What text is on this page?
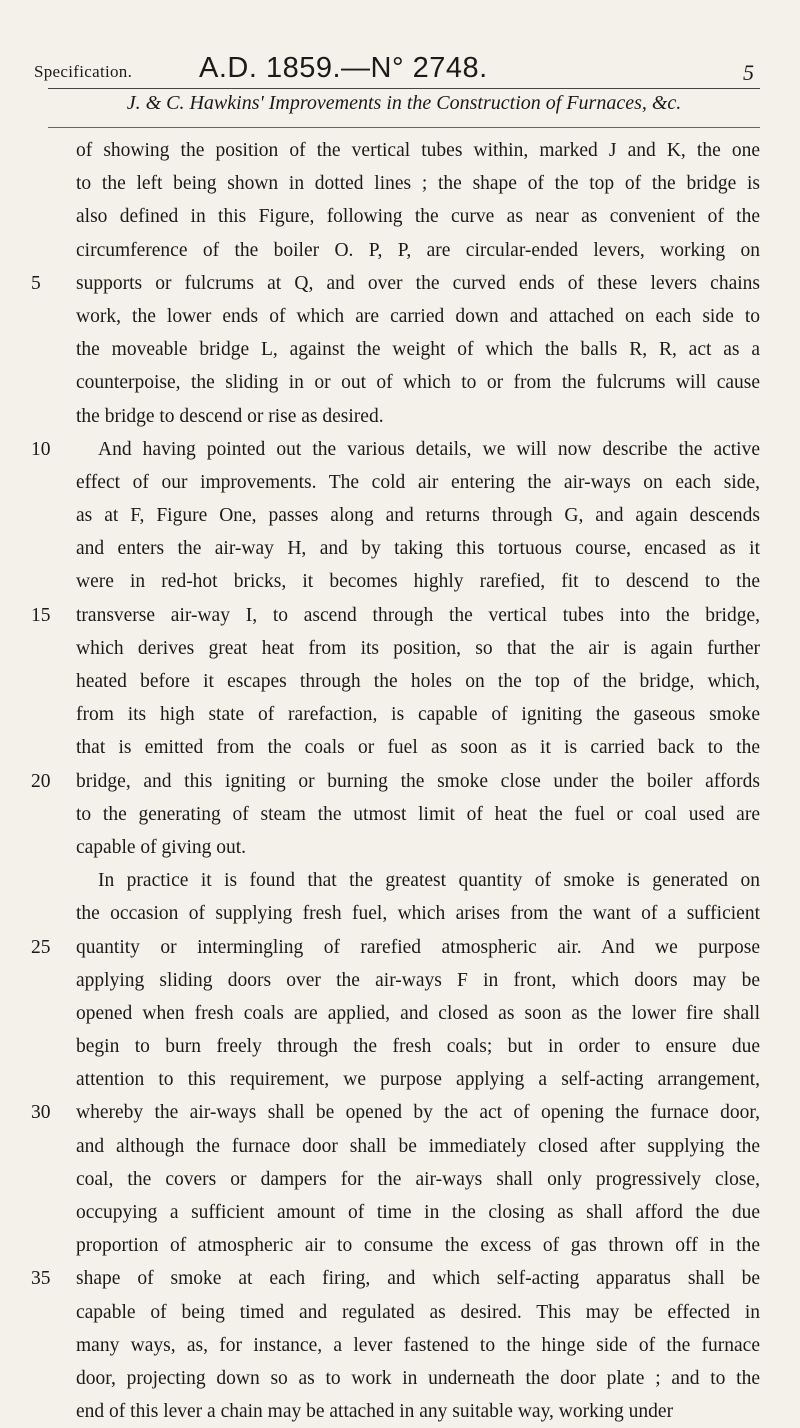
Specification. A.D. 1859.—N° 2748.	5
J. & C. Hawkins' Improvements in the Construction of Furnaces, &c.
of showing the position of the vertical tubes within, marked J and K, the one
to the left being shown in dotted lines ; the shape of the top of the bridge is
also defined in this Figure, following the curve as near as convenient of the
circumference of the boiler O. P, P, are circular-ended levers, working on
5	supports or fulcrums at Q, and over the curved ends of these levers chains
work, the lower ends of which are carried down and attached on each side to
the moveable bridge L, against the weight of which the balls R, R, act as a
counterpoise, the sliding in or out of which to or from the fulcrums will cause
the bridge to descend or rise as desired.
10	And having pointed out the various details, we will now describe the active
effect of our improvements. The cold air entering the air-ways on each side,
as at F, Figure One, passes along and returns through G, and again descends
and enters the air-way H, and by taking this tortuous course, encased as it
were in red-hot bricks, it becomes highly rarefied, fit to descend to the
15	transverse air-way I, to ascend through the vertical tubes into the bridge,
which derives great heat from its position, so that the air is again further
heated before it escapes through the holes on the top of the bridge, which,
from its high state of rarefaction, is capable of igniting the gaseous smoke
that is emitted from the coals or fuel as soon as it is carried back to the
20	bridge, and this igniting or burning the smoke close under the boiler affords
to the generating of steam the utmost limit of heat the fuel or coal used are
capable of giving out.
In practice it is found that the greatest quantity of smoke is generated on
the occasion of supplying fresh fuel, which arises from the want of a sufficient
25	quantity or intermingling of rarefied atmospheric air. And we purpose
applying sliding doors over the air-ways F in front, which doors may be
opened when fresh coals are applied, and closed as soon as the lower fire shall
begin to burn freely through the fresh coals; but in order to ensure due
attention to this requirement, we purpose applying a self-acting arrangement,
30	whereby the air-ways shall be opened by the act of opening the furnace door,
and although the furnace door shall be immediately closed after supplying the
coal, the covers or dampers for the air-ways shall only progressively close,
occupying a sufficient amount of time in the closing as shall afford the due
proportion of atmospheric air to consume the excess of gas thrown off in the
35	shape of smoke at each firing, and which self-acting apparatus shall be
capable of being timed and regulated as desired. This may be effected in
many ways, as, for instance, a lever fastened to the hinge side of the furnace
door, projecting down so as to work in underneath the door plate ; and to the
end of this lever a chain may be attached in any suitable way, working under
